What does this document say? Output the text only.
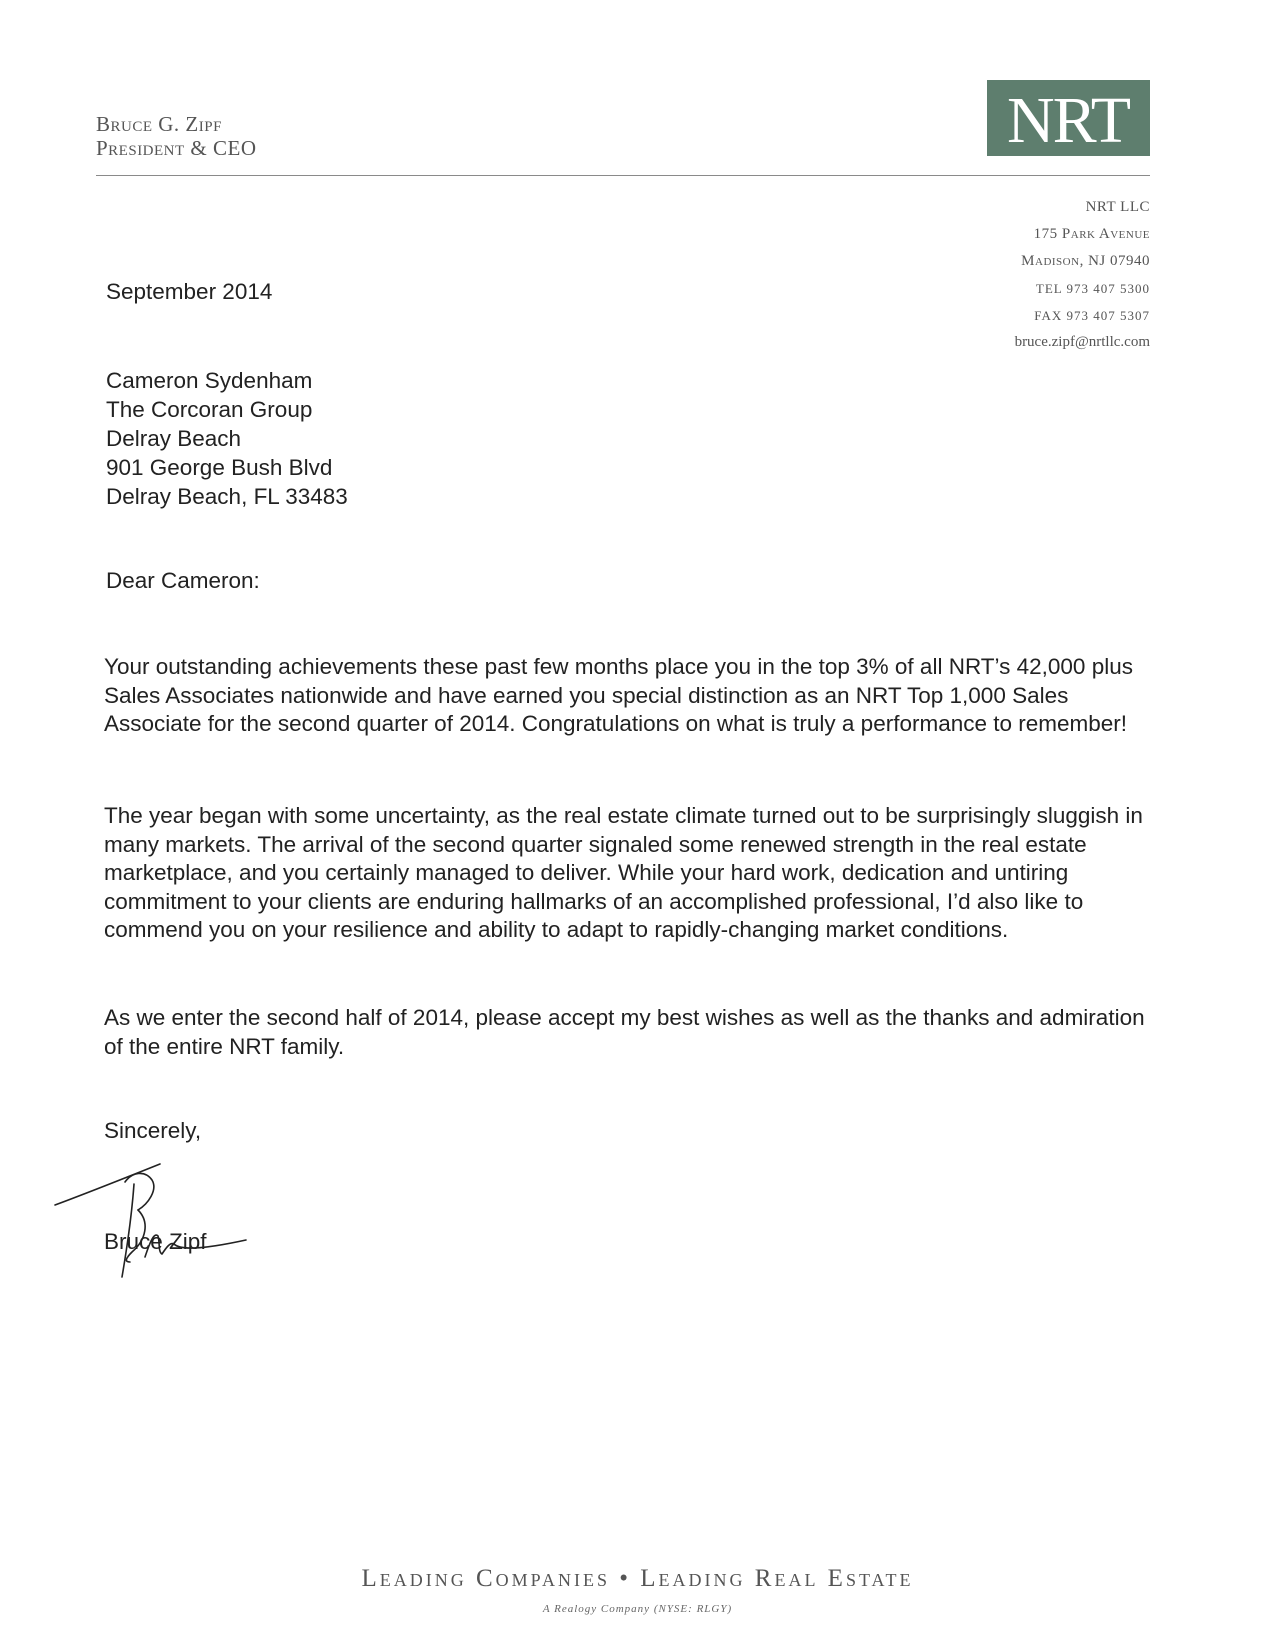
Bruce G. Zipf
President & CEO	NRT
NRT LLC
175 Park Avenue
Madison, NJ 07940
TEL 973 407 5300
FAX 973 407 5307
bruce.zipf@nrtllc.com
September 2014
Cameron Sydenham
The Corcoran Group
Delray Beach
901 George Bush Blvd
Delray Beach, FL 33483
Dear Cameron:

Your outstanding achievements these past few months place you in the top 3% of all NRT’s 42,000 plus Sales Associates nationwide and have earned you special distinction as an NRT Top 1,000 Sales Associate for the second quarter of 2014. Congratulations on what is truly a performance to remember!

The year began with some uncertainty, as the real estate climate turned out to be surprisingly sluggish in many markets. The arrival of the second quarter signaled some renewed strength in the real estate marketplace, and you certainly managed to deliver. While your hard work, dedication and untiring commitment to your clients are enduring hallmarks of an accomplished professional, I’d also like to commend you on your resilience and ability to adapt to rapidly-changing market conditions.

As we enter the second half of 2014, please accept my best wishes as well as the thanks and admiration of the entire NRT family.

Sincerely,
Bruce Zipf
Leading Companies • Leading Real Estate
A Realogy Company (NYSE: RLGY)
